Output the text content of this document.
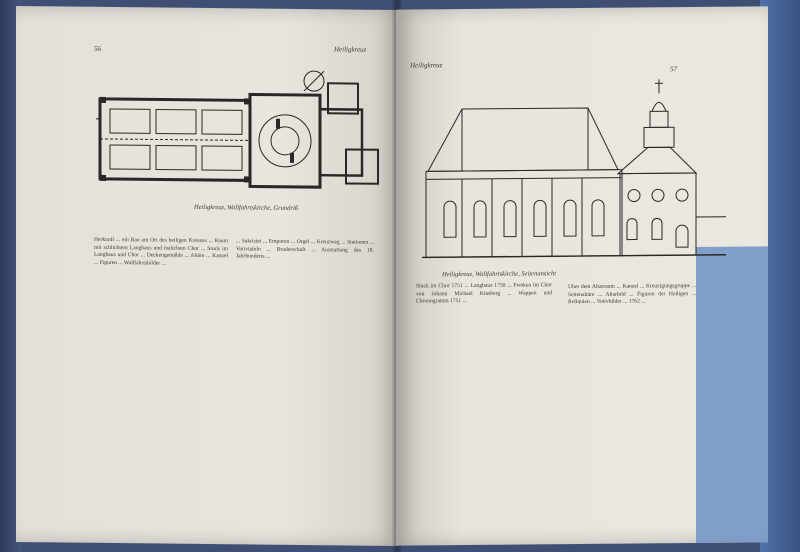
56	Heiligkreuz
Heiligkreuz, Wallfahrtskirche, Grundriß

Herkunft ... ein Bau am Ort des heiligen Kreuzes ... Raum mit schlichtem Langhaus und östlichem Chor ... Stuck im Langhaus und Chor ... Deckengemälde ... Altäre ... Kanzel ... Figuren ... Wallfahrtsbilder ...

... Sakristei ... Emporen ... Orgel ... Kreuzweg ... Stationen ... Votivtafeln ... Bruderschaft ... Ausstattung des 18. Jahrhunderts ...

Heiligkreuz	57
Heiligkreuz, Wallfahrtskirche, Seitenansicht

Stuck im Chor 1751 ... Langhaus 1750 ... Fresken im Chor von Johann Michael Kinsberg ... Wappen und Chronogramm 1751 ...

Über dem Altarraum ... Kanzel ... Kreuzigungsgruppe ... Seitenaltäre ... Altarbild ... Figuren der Heiligen ... Reliquien ... Votivbilder ... 1762 ...
